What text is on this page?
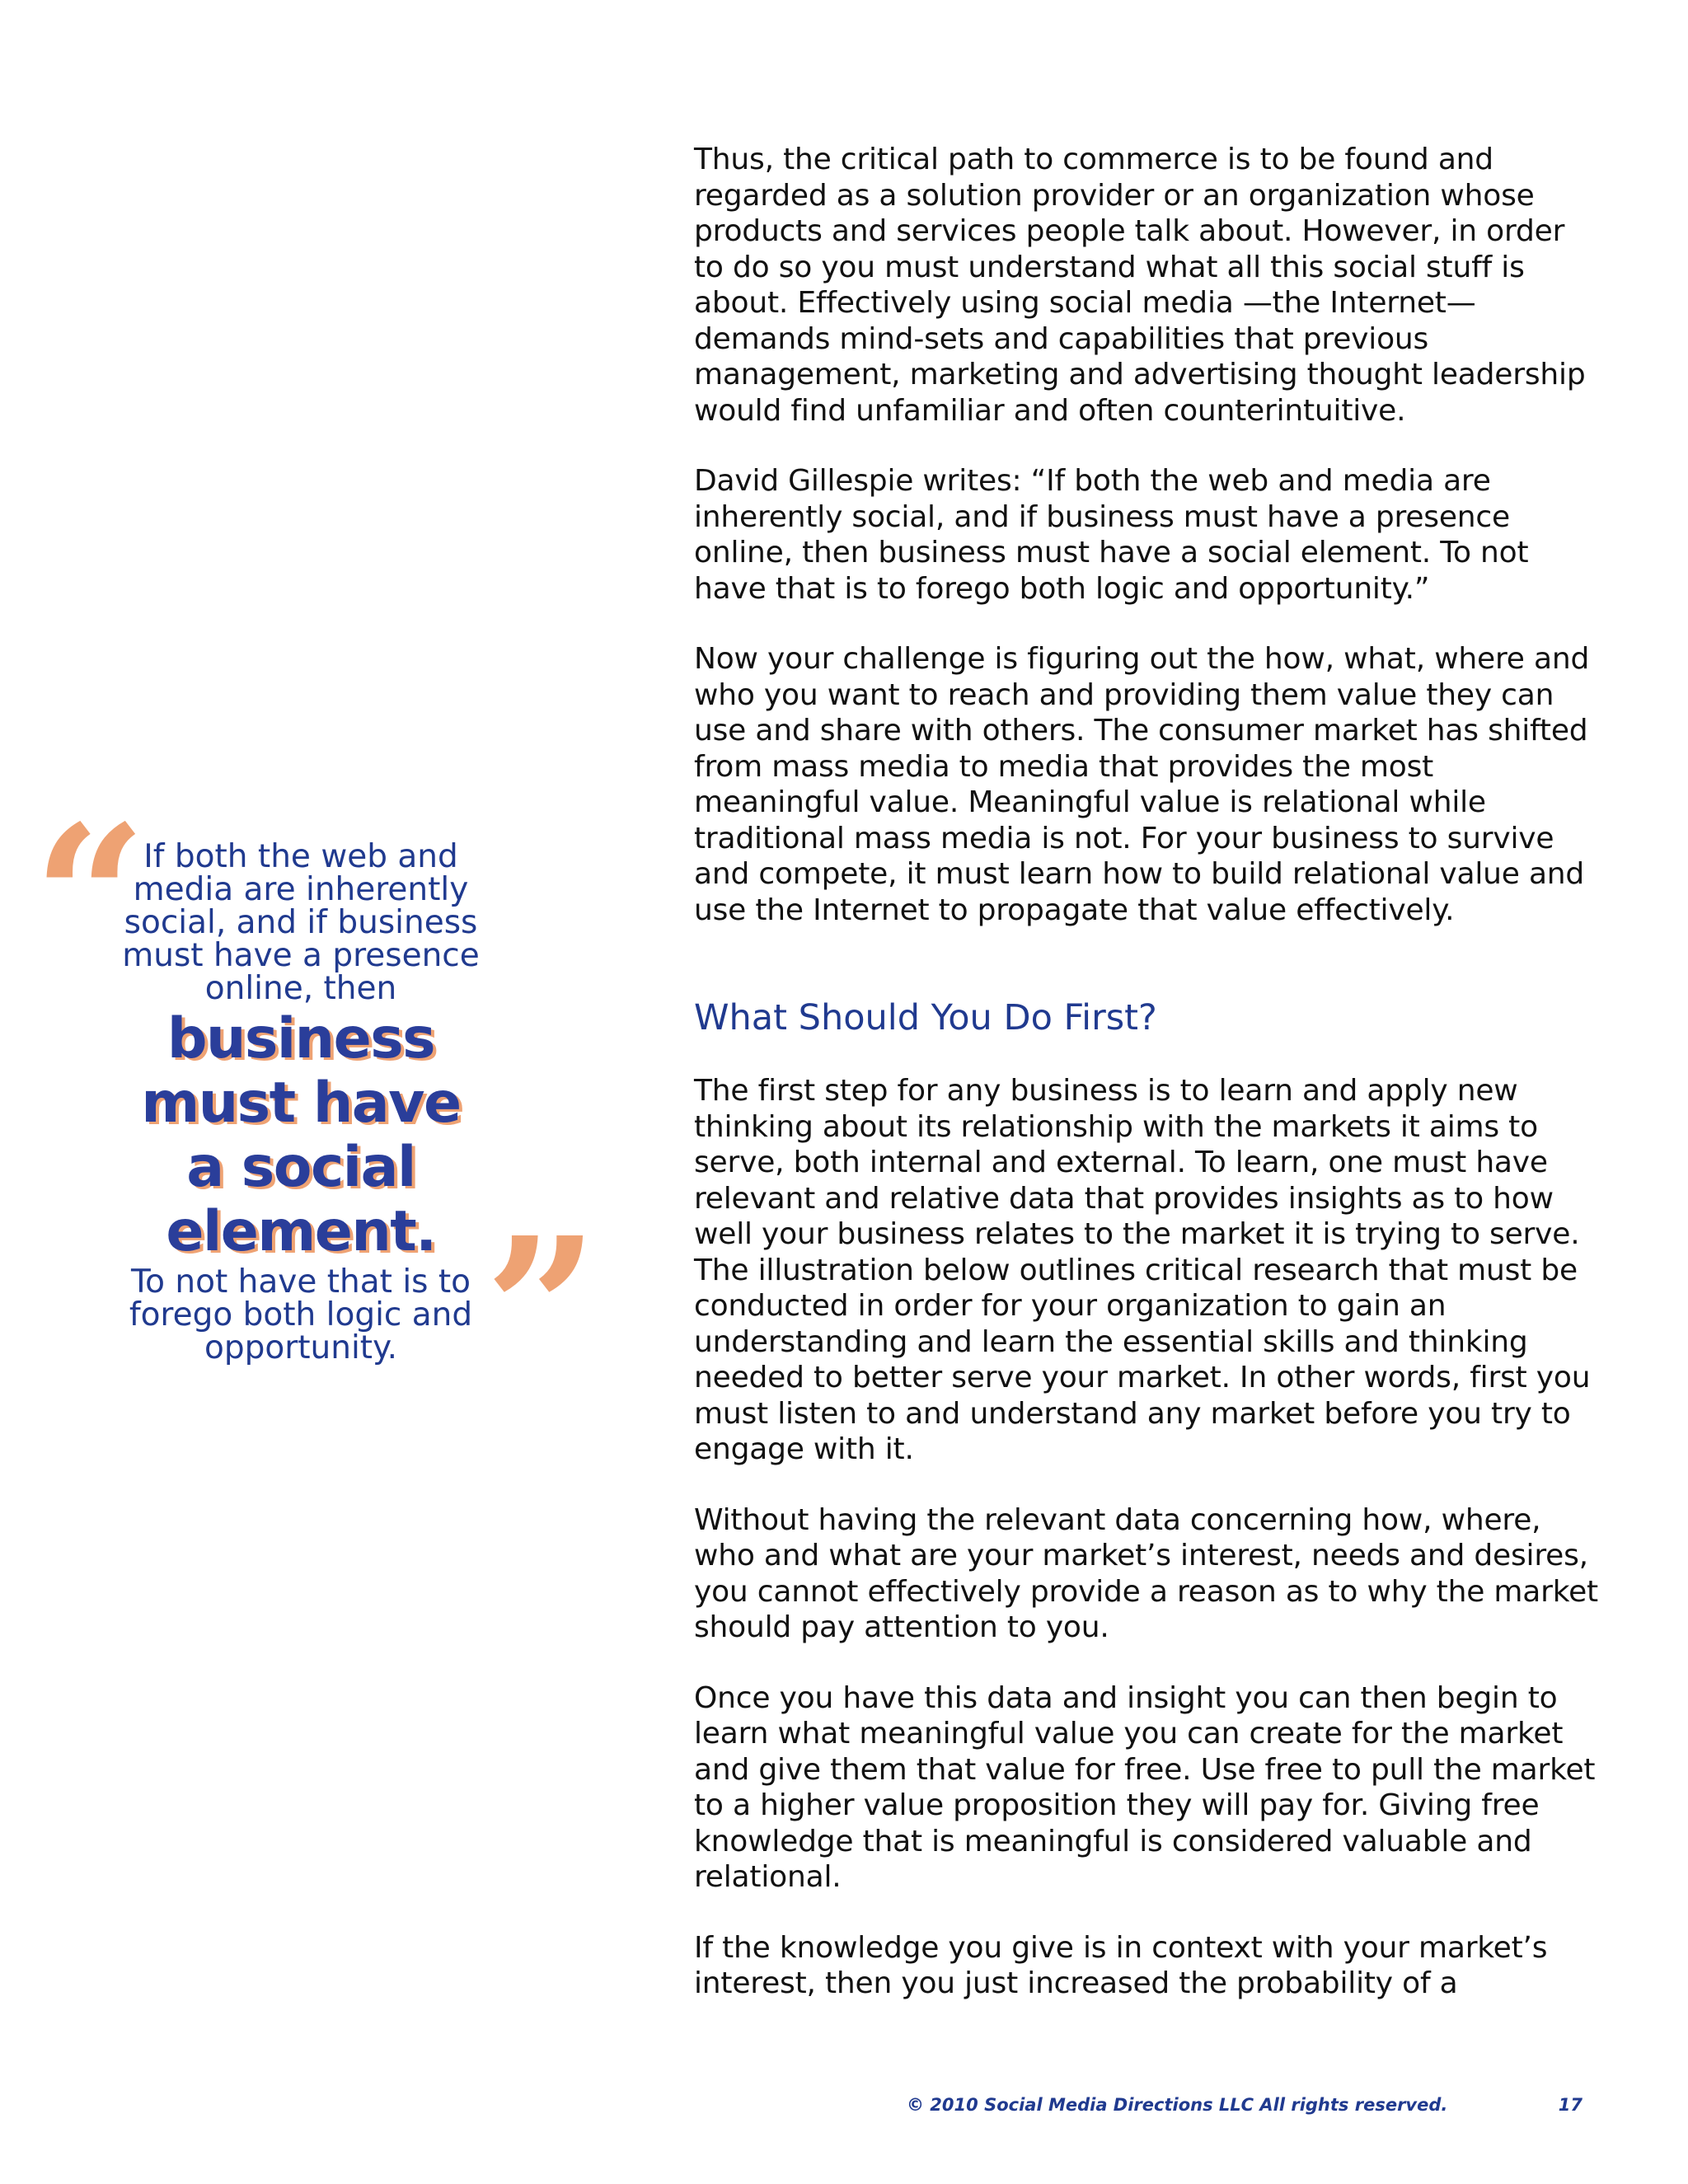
“

If both the web and

media are inherently

social, and if business

must have a presence

online, then

business

must have

a social

element.

To not have that is to

forego both logic and

opportunity. ”

Thus, the critical path to commerce is to be found and regarded as a solution provider or an organization whose products and services people talk about. However, in order to do so you must understand what all this social stuff is about. Effectively using social media —the Internet—demands mind-sets and capabilities that previous management, marketing and advertising thought leadership would find unfamiliar and often counterintuitive.

David Gillespie writes: “If both the web and media are inherently social, and if business must have a presence online, then business must have a social element. To not have that is to forego both logic and opportunity.”

Now your challenge is figuring out the how, what, where and who you want to reach and providing them value they can use and share with others. The consumer market has shifted from mass media to media that provides the most meaningful value. Meaningful value is relational while traditional mass media is not. For your business to survive and compete, it must learn how to build relational value and use the Internet to propagate that value effectively.

What Should You Do First?

The first step for any business is to learn and apply new thinking about its relationship with the markets it aims to serve, both internal and external. To learn, one must have relevant and relative data that provides insights as to how well your business relates to the market it is trying to serve.

The illustration below outlines critical research that must be conducted in order for your organization to gain an understanding and learn the essential skills and thinking needed to better serve your market. In other words, first you must listen to and understand any market before you try to engage with it.

Without having the relevant data concerning how, where, who and what are your market’s interest, needs and desires, you cannot effectively provide a reason as to why the market should pay attention to you.

Once you have this data and insight you can then begin to learn what meaningful value you can create for the market and give them that value for free. Use free to pull the market to a higher value proposition they will pay for. Giving free knowledge that is meaningful is considered valuable and relational.

If the knowledge you give is in context with your market’s interest, then you just increased the probability of a

© 2010 Social Media Directions LLC All rights reserved.	17
